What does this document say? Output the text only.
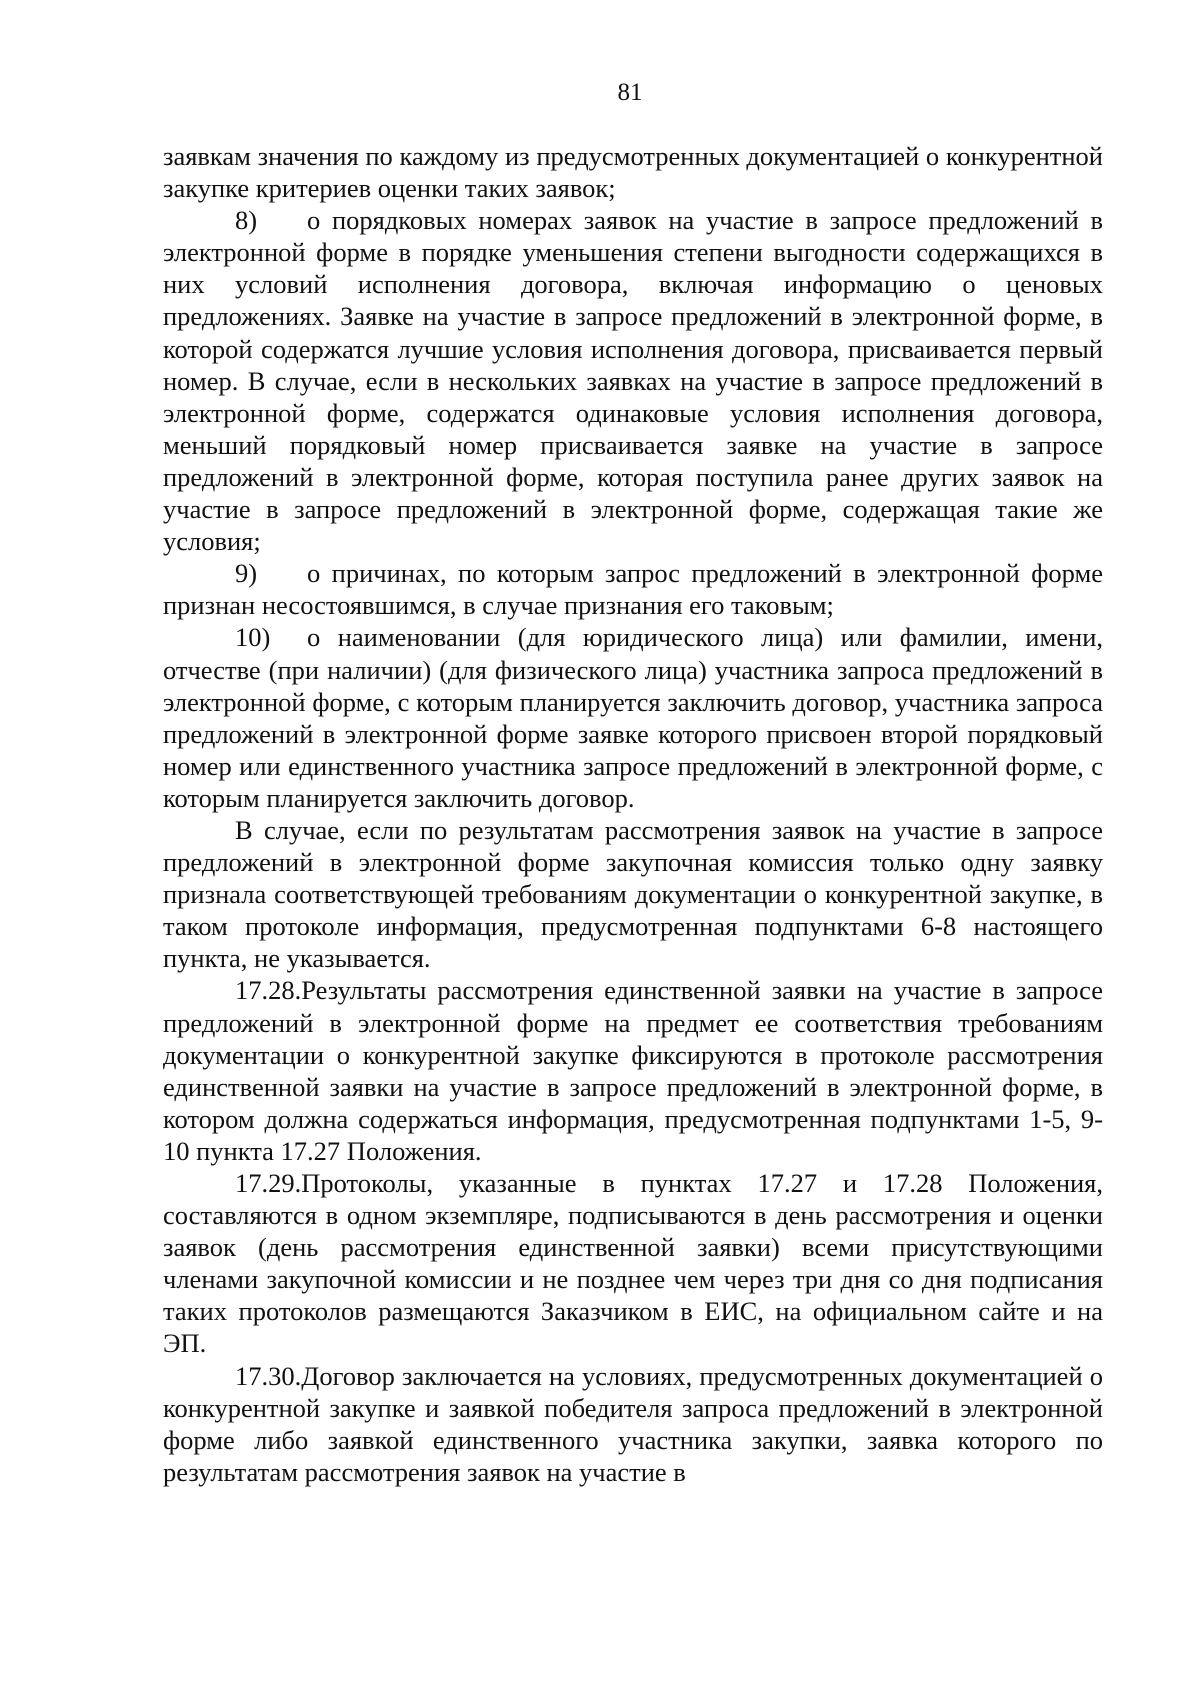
81

заявкам значения по каждому из предусмотренных документацией о конкурентной закупке критериев оценки таких заявок;

8) о порядковых номерах заявок на участие в запросе предложений в электронной форме в порядке уменьшения степени выгодности содержащихся в них условий исполнения договора, включая информацию о ценовых предложениях. Заявке на участие в запросе предложений в электронной форме, в которой содержатся лучшие условия исполнения договора, присваивается первый номер. В случае, если в нескольких заявках на участие в запросе предложений в электронной форме, содержатся одинаковые условия исполнения договора, меньший порядковый номер присваивается заявке на участие в запросе предложений в электронной форме, которая поступила ранее других заявок на участие в запросе предложений в электронной форме, содержащая такие же условия;

9) о причинах, по которым запрос предложений в электронной форме признан несостоявшимся, в случае признания его таковым;

10) о наименовании (для юридического лица) или фамилии, имени, отчестве (при наличии) (для физического лица) участника запроса предложений в электронной форме, с которым планируется заключить договор, участника запроса предложений в электронной форме заявке которого присвоен второй порядковый номер или единственного участника запросе предложений в электронной форме, с которым планируется заключить договор.

В случае, если по результатам рассмотрения заявок на участие в запросе предложений в электронной форме закупочная комиссия только одну заявку признала соответствующей требованиям документации о конкурентной закупке, в таком протоколе информация, предусмотренная подпунктами 6-8 настоящего пункта, не указывается.

17.28.Результаты рассмотрения единственной заявки на участие в запросе предложений в электронной форме на предмет ее соответствия требованиям документации о конкурентной закупке фиксируются в протоколе рассмотрения единственной заявки на участие в запросе предложений в электронной форме, в котором должна содержаться информация, предусмотренная подпунктами 1-5, 9-10 пункта 17.27 Положения.

17.29.Протоколы, указанные в пунктах 17.27 и 17.28 Положения, составляются в одном экземпляре, подписываются в день рассмотрения и оценки заявок (день рассмотрения единственной заявки) всеми присутствующими членами закупочной комиссии и не позднее чем через три дня со дня подписания таких протоколов размещаются Заказчиком в ЕИС, на официальном сайте и на ЭП.

17.30.Договор заключается на условиях, предусмотренных документацией о конкурентной закупке и заявкой победителя запроса предложений в электронной форме либо заявкой единственного участника закупки, заявка которого по результатам рассмотрения заявок на участие в
